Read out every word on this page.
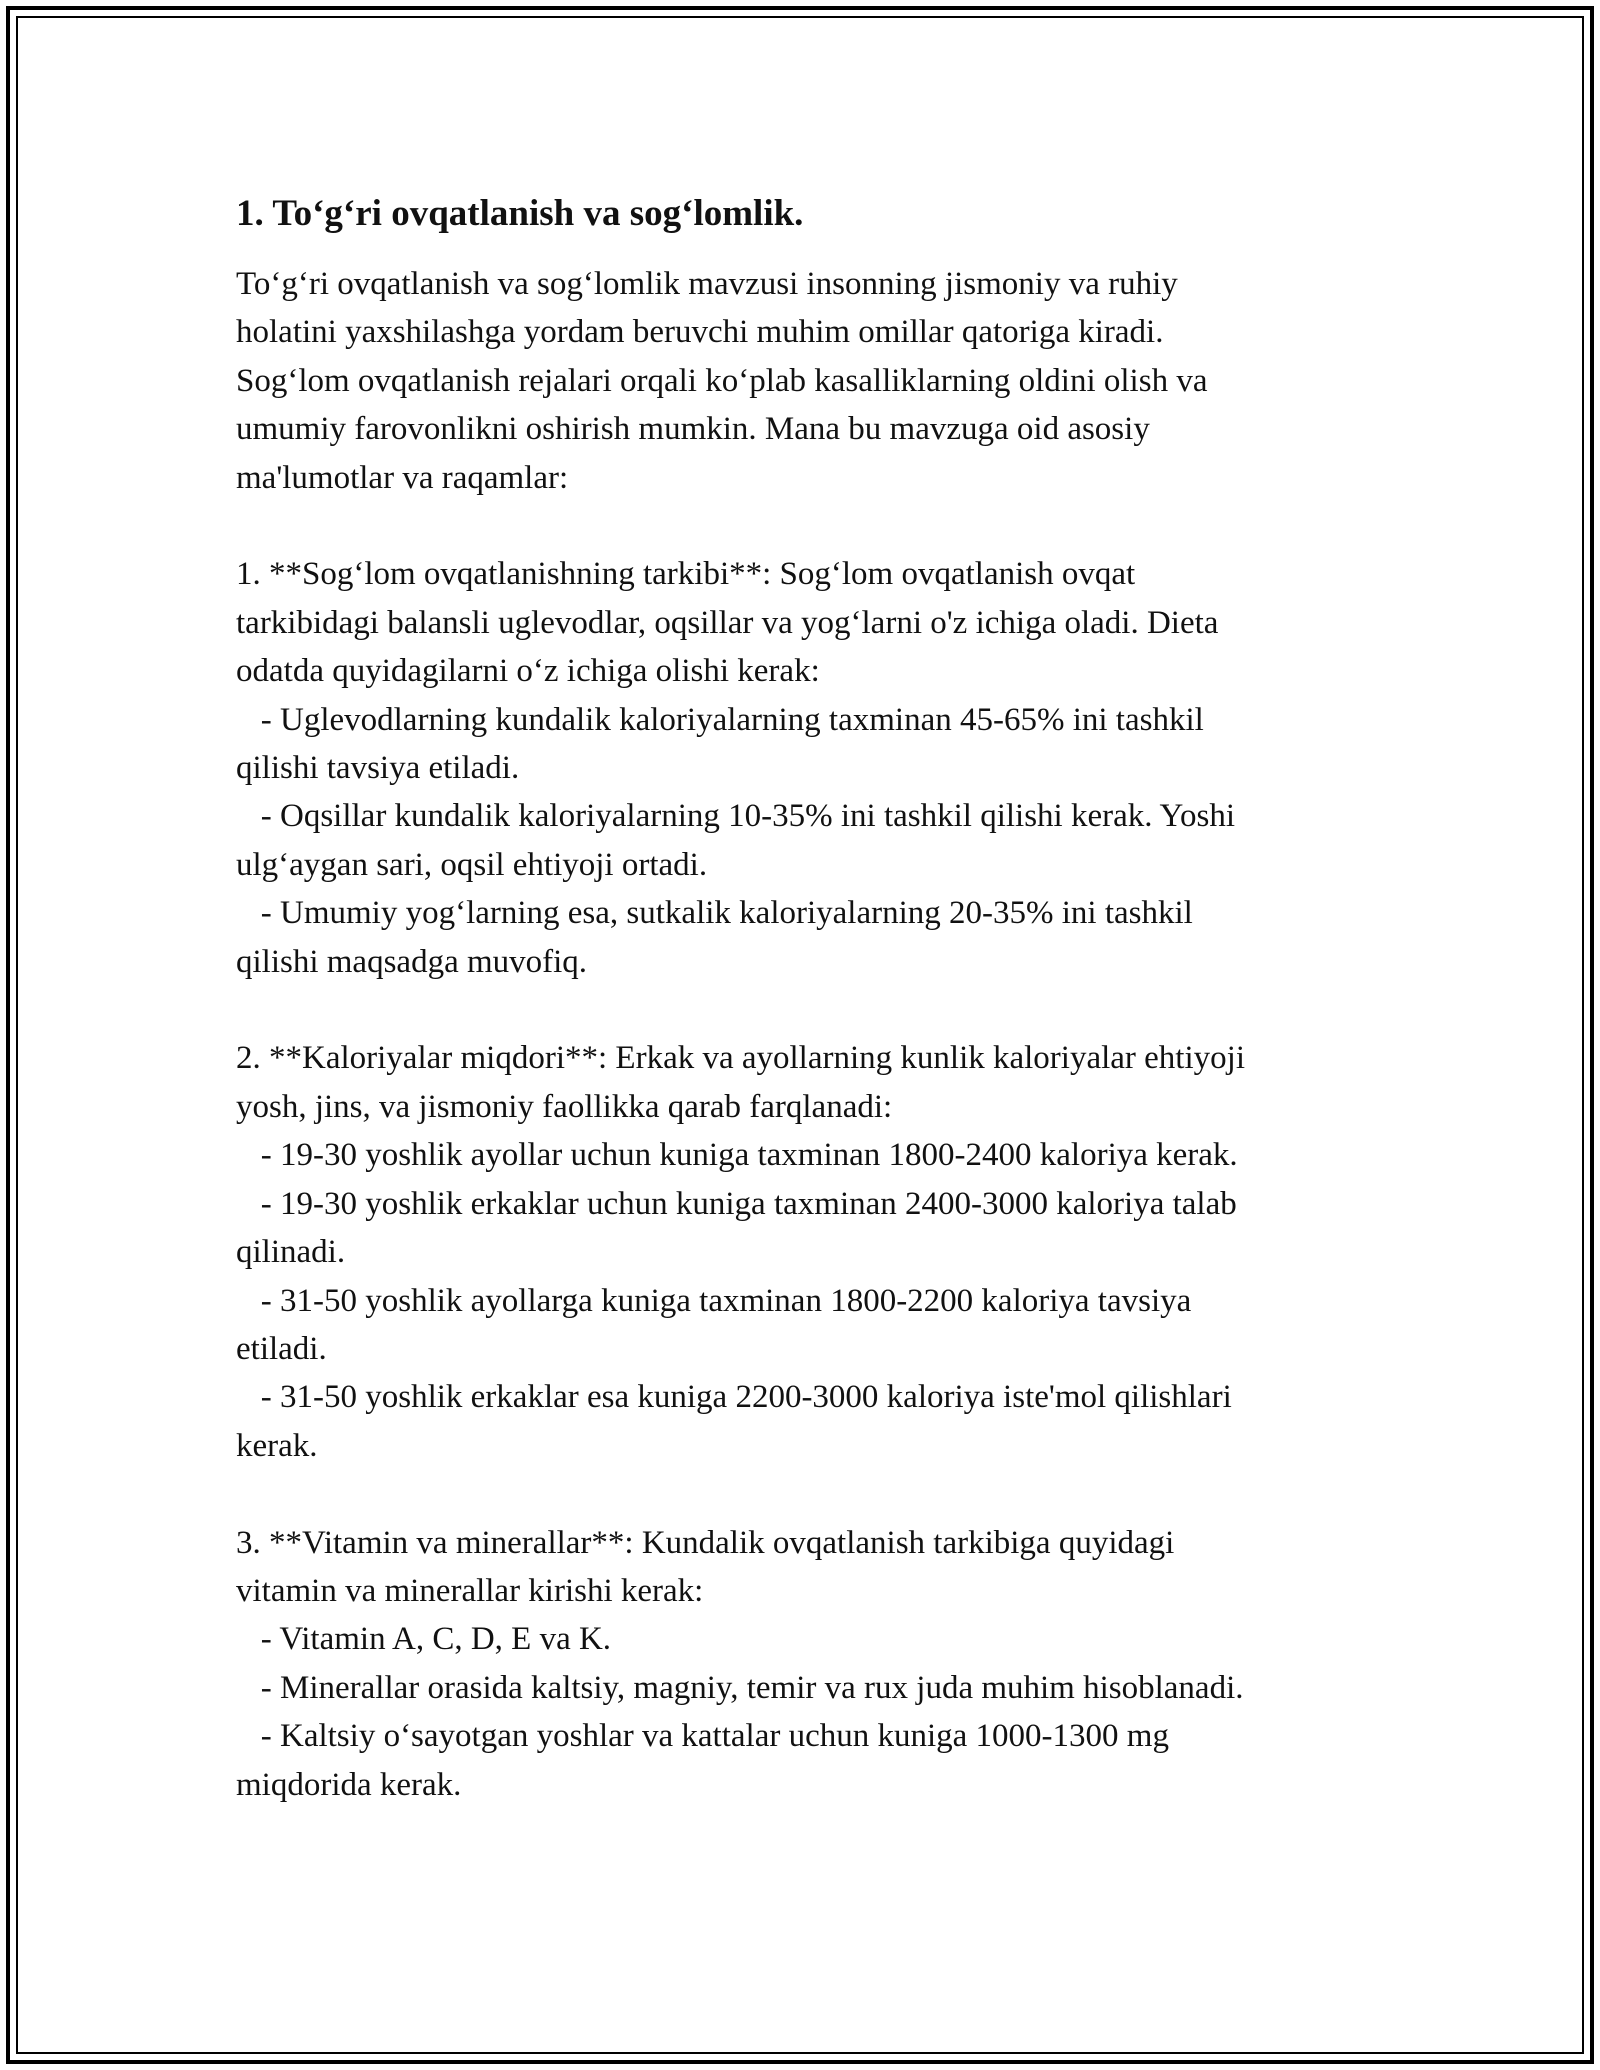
1. To‘g‘ri ovqatlanish va sog‘lomlik.

To‘g‘ri ovqatlanish va sog‘lomlik mavzusi insonning jismoniy va ruhiy
holatini yaxshilashga yordam beruvchi muhim omillar qatoriga kiradi.
Sog‘lom ovqatlanish rejalari orqali ko‘plab kasalliklarning oldini olish va
umumiy farovonlikni oshirish mumkin. Mana bu mavzuga oid asosiy
ma'lumotlar va raqamlar:

1. **Sog‘lom ovqatlanishning tarkibi**: Sog‘lom ovqatlanish ovqat
tarkibidagi balansli uglevodlar, oqsillar va yog‘larni o'z ichiga oladi. Dieta
odatda quyidagilarni o‘z ichiga olishi kerak:
- Uglevodlarning kundalik kaloriyalarning taxminan 45-65% ini tashkil
qilishi tavsiya etiladi.
- Oqsillar kundalik kaloriyalarning 10-35% ini tashkil qilishi kerak. Yoshi
ulg‘aygan sari, oqsil ehtiyoji ortadi.
- Umumiy yog‘larning esa, sutkalik kaloriyalarning 20-35% ini tashkil
qilishi maqsadga muvofiq.

2. **Kaloriyalar miqdori**: Erkak va ayollarning kunlik kaloriyalar ehtiyoji
yosh, jins, va jismoniy faollikka qarab farqlanadi:
- 19-30 yoshlik ayollar uchun kuniga taxminan 1800-2400 kaloriya kerak.
- 19-30 yoshlik erkaklar uchun kuniga taxminan 2400-3000 kaloriya talab
qilinadi.
- 31-50 yoshlik ayollarga kuniga taxminan 1800-2200 kaloriya tavsiya
etiladi.
- 31-50 yoshlik erkaklar esa kuniga 2200-3000 kaloriya iste'mol qilishlari
kerak.

3. **Vitamin va minerallar**: Kundalik ovqatlanish tarkibiga quyidagi
vitamin va minerallar kirishi kerak:
- Vitamin A, C, D, E va K.
- Minerallar orasida kaltsiy, magniy, temir va rux juda muhim hisoblanadi.
- Kaltsiy o‘sayotgan yoshlar va kattalar uchun kuniga 1000-1300 mg
miqdorida kerak.
